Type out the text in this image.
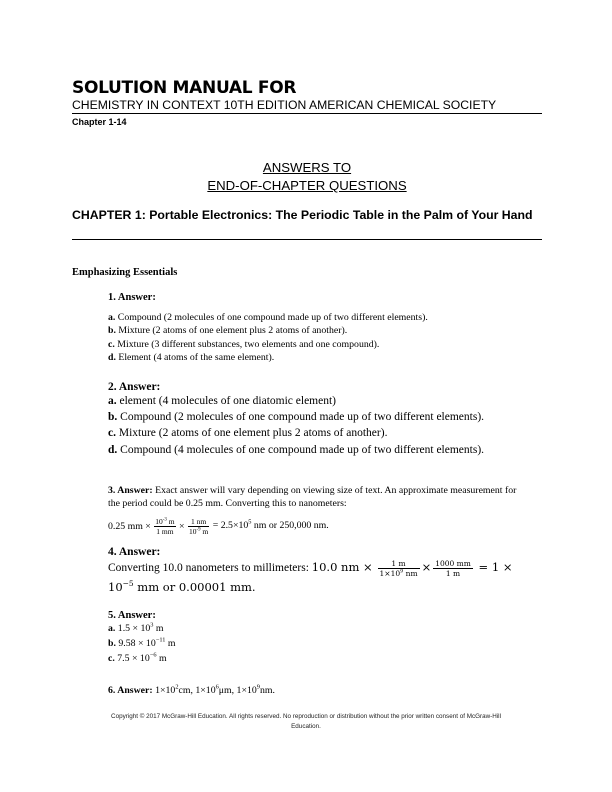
SOLUTION MANUAL FOR
CHEMISTRY IN CONTEXT 10TH EDITION AMERICAN CHEMICAL SOCIETY
Chapter 1-14
ANSWERS TO
END-OF-CHAPTER QUESTIONS
CHAPTER 1: Portable Electronics: The Periodic Table in the Palm of Your Hand
Emphasizing Essentials
1. Answer:
a. Compound (2 molecules of one compound made up of two different elements).
b. Mixture (2 atoms of one element plus 2 atoms of another).
c. Mixture (3 different substances, two elements and one compound).
d. Element (4 atoms of the same element).
2. Answer:
a. element (4 molecules of one diatomic element)
b. Compound (2 molecules of one compound made up of two different elements).
c. Mixture (2 atoms of one element plus 2 atoms of another).
d. Compound (4 molecules of one compound made up of two different elements).
3. Answer: Exact answer will vary depending on viewing size of text. An approximate measurement for the period could be 0.25 mm. Converting this to nanometers:
0.25 mm × $\frac{10^{-3} m}{1 mm} \times \frac{1 nm}{10^{-9} m} = 2.5\times 10^5$ nm or 250,000 nm.
4. Answer:
Converting 10.0 nanometers to millimeters: 10.0 nm × $\frac{1 m}{1\times 10^9 nm} \times \frac{1000 mm}{1 m} = 1$ ×
$10^{-5}$ mm or 0.00001 mm.
5. Answer:
a. $1.5 \times 10^3$ m
b. $9.58 \times 10^{-11}$ m
c. $7.5 \times 10^{-6}$ m
6. Answer: $1\times 10^2cm$, $1\times 10^6\mu m$, $1\times 10^9nm$.
Copyright © 2017 McGraw-Hill Education. All rights reserved. No reproduction or distribution without the prior written consent of McGraw-Hill
Education.
